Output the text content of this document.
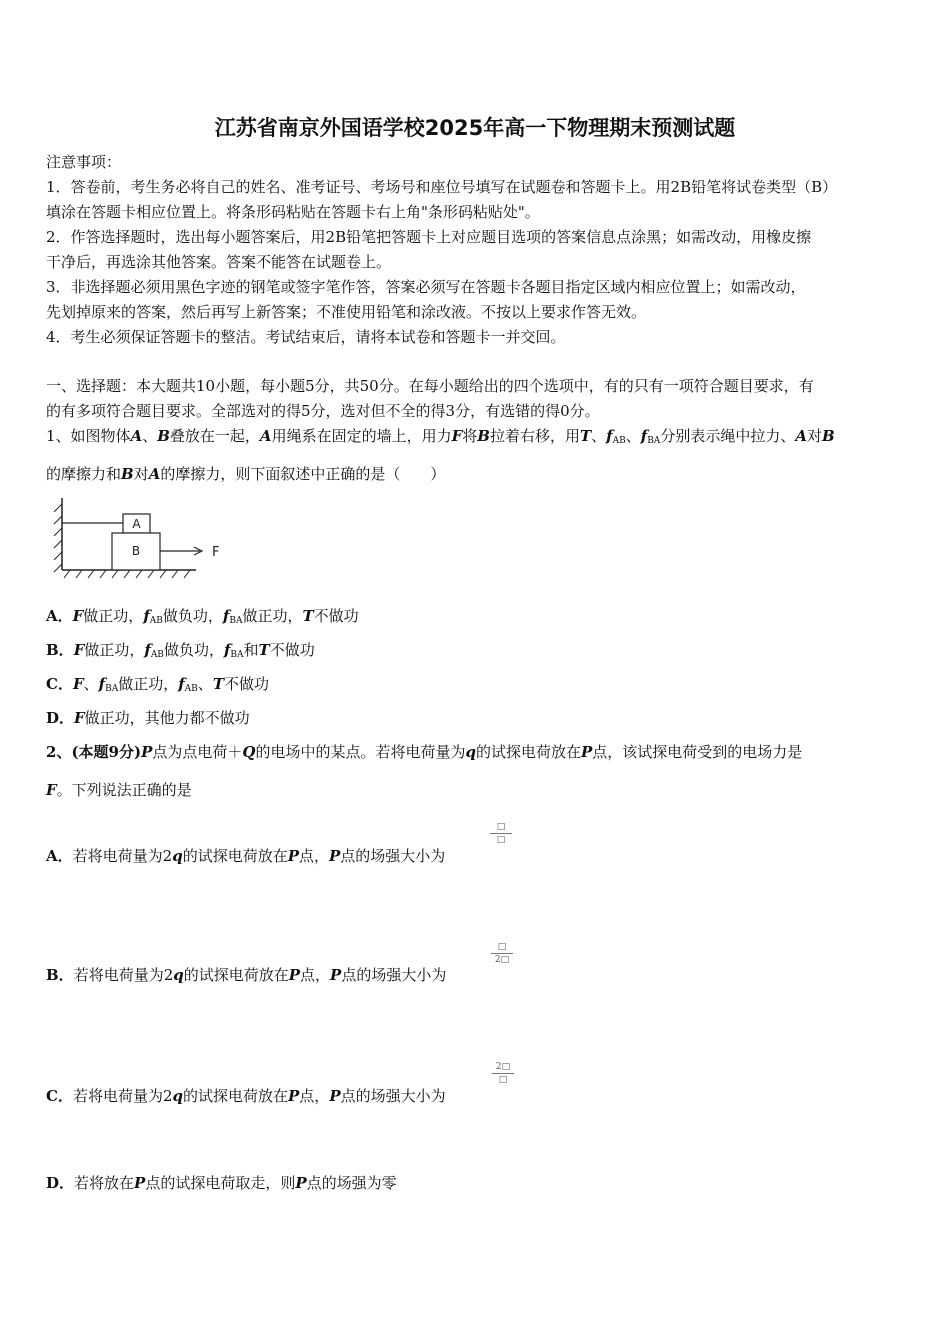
江苏省南京外国语学校2025年高一下物理期末预测试题
注意事项：
1．答卷前，考生务必将自己的姓名、准考证号、考场号和座位号填写在试题卷和答题卡上。用2B铅笔将试卷类型（B）
填涂在答题卡相应位置上。将条形码粘贴在答题卡右上角"条形码粘贴处"。
2．作答选择题时，选出每小题答案后，用2B铅笔把答题卡上对应题目选项的答案信息点涂黑；如需改动，用橡皮擦
干净后，再选涂其他答案。答案不能答在试题卷上。
3．非选择题必须用黑色字迹的钢笔或签字笔作答，答案必须写在答题卡各题目指定区域内相应位置上；如需改动，
先划掉原来的答案，然后再写上新答案；不准使用铅笔和涂改液。不按以上要求作答无效。
4．考生必须保证答题卡的整洁。考试结束后，请将本试卷和答题卡一并交回。
一、选择题：本大题共10小题，每小题5分，共50分。在每小题给出的四个选项中，有的只有一项符合题目要求，有
的有多项符合题目要求。全部选对的得5分，选对但不全的得3分，有选错的得0分。
1、如图物体A、B叠放在一起，A用绳系在固定的墙上，用力F将B拉着右移，用T、$f_{AB}$、$f_{BA}$分别表示绳中拉力、A对B
的摩擦力和B对A的摩擦力，则下面叙述中正确的是（　　）
A
B	F
A．F做正功，$f_{AB}$做负功，$f_{BA}$做正功，T不做功
B．F做正功，$f_{AB}$做负功，$f_{BA}$和T不做功
C．F、$f_{BA}$做正功，$f_{AB}$、T不做功
D．F做正功，其他力都不做功
2、(本题9分)P点为点电荷＋Q的电场中的某点。若将电荷量为q的试探电荷放在P点，该试探电荷受到的电场力是
F。下列说法正确的是
A．若将电荷量为2q的试探电荷放在P点，P点的场强大小为
□
□
B．若将电荷量为2q的试探电荷放在P点，P点的场强大小为
□
2□
C．若将电荷量为2q的试探电荷放在P点，P点的场强大小为
2□
□
D．若将放在P点的试探电荷取走，则P点的场强为零
